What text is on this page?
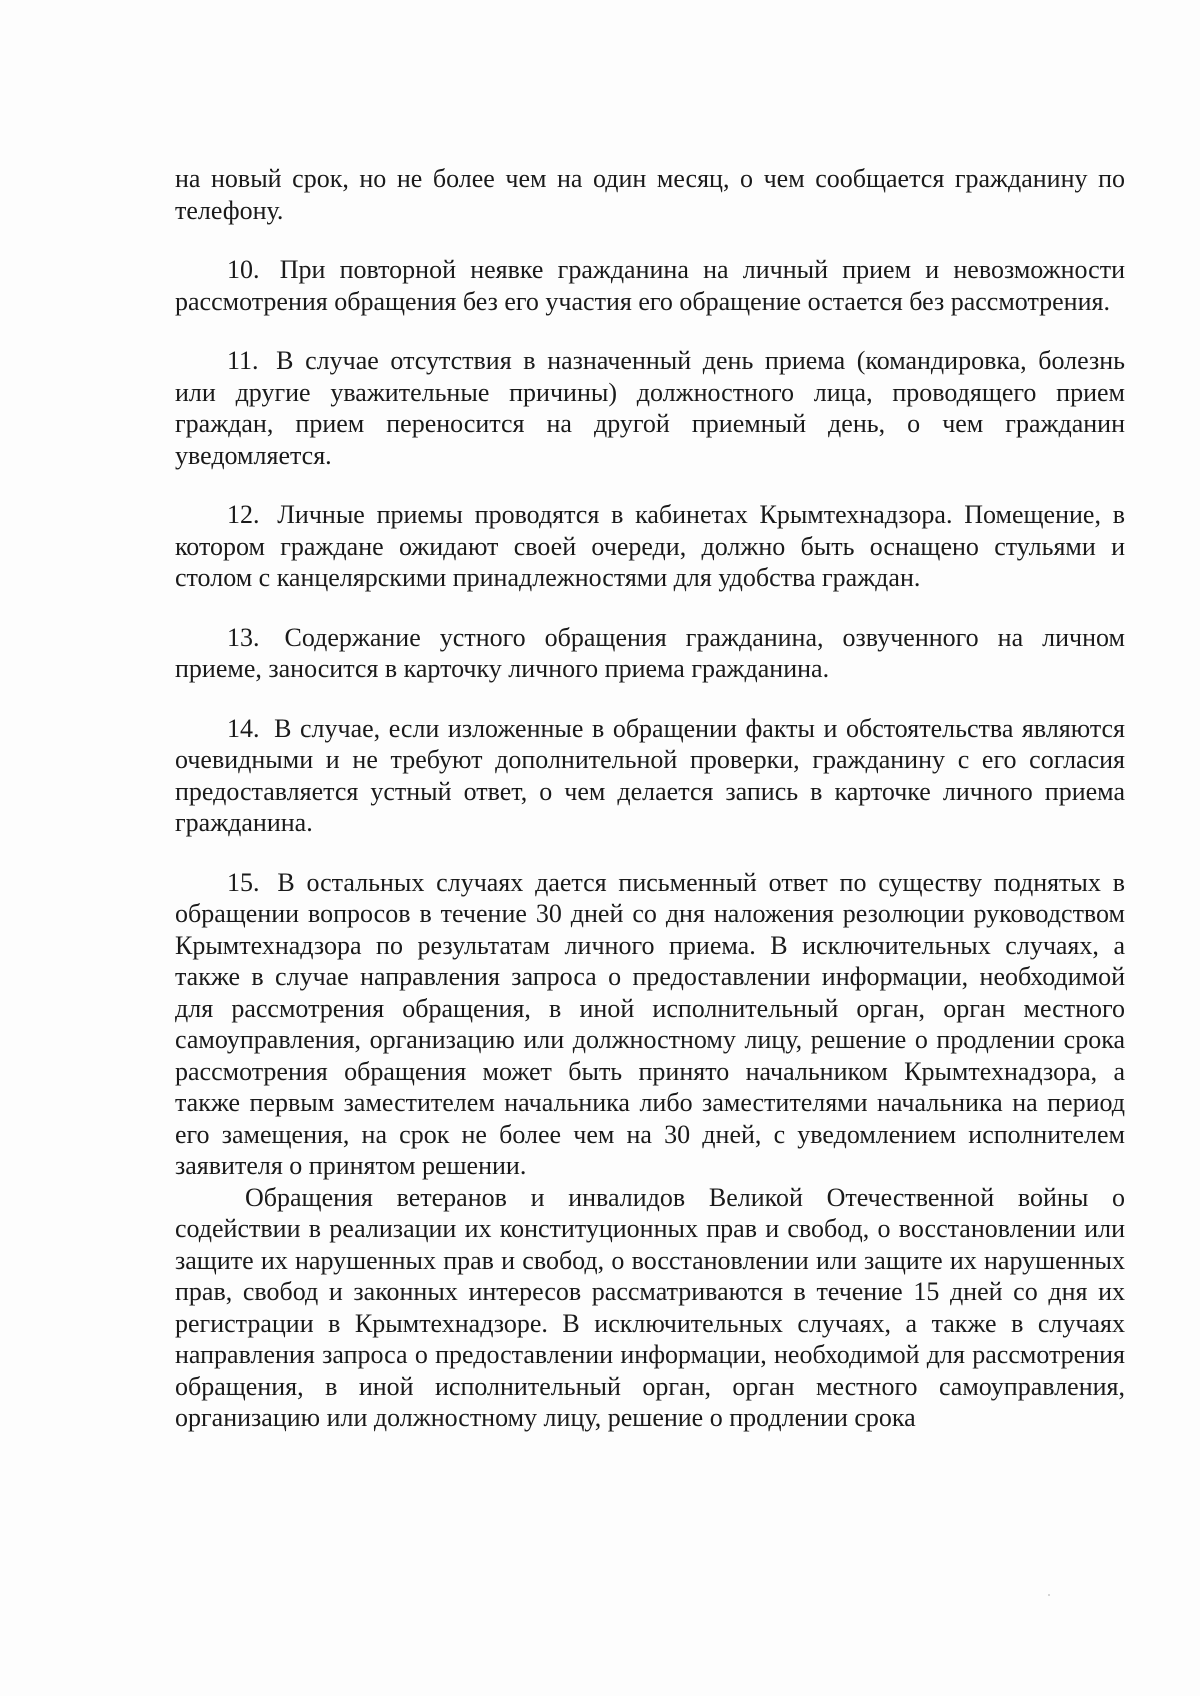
на новый срок, но не более чем на один месяц, о чем сообщается гражданину по телефону.

10. При повторной неявке гражданина на личный прием и невозможности рассмотрения обращения без его участия его обращение остается без рассмотрения.

11. В случае отсутствия в назначенный день приема (командировка, болезнь или другие уважительные причины) должностного лица, проводящего прием граждан, прием переносится на другой приемный день, о чем гражданин уведомляется.

12. Личные приемы проводятся в кабинетах Крымтехнадзора. Помещение, в котором граждане ожидают своей очереди, должно быть оснащено стульями и столом с канцелярскими принадлежностями для удобства граждан.

13. Содержание устного обращения гражданина, озвученного на личном приеме, заносится в карточку личного приема гражданина.

14. В случае, если изложенные в обращении факты и обстоятельства являются очевидными и не требуют дополнительной проверки, гражданину с его согласия предоставляется устный ответ, о чем делается запись в карточке личного приема гражданина.

15. В остальных случаях дается письменный ответ по существу поднятых в обращении вопросов в течение 30 дней со дня наложения резолюции руководством Крымтехнадзора по результатам личного приема. В исключительных случаях, а также в случае направления запроса о предоставлении информации, необходимой для рассмотрения обращения, в иной исполнительный орган, орган местного самоуправления, организацию или должностному лицу, решение о продлении срока рассмотрения обращения может быть принято начальником Крымтехнадзора, а также первым заместителем начальника либо заместителями начальника на период его замещения, на срок не более чем на 30 дней, с уведомлением исполнителем заявителя о принятом решении.

Обращения ветеранов и инвалидов Великой Отечественной войны о содействии в реализации их конституционных прав и свобод, о восстановлении или защите их нарушенных прав и свобод, о восстановлении или защите их нарушенных прав, свобод и законных интересов рассматриваются в течение 15 дней со дня их регистрации в Крымтехнадзоре. В исключительных случаях, а также в случаях направления запроса о предоставлении информации, необходимой для рассмотрения обращения, в иной исполнительный орган, орган местного самоуправления, организацию или должностному лицу, решение о продлении срока
